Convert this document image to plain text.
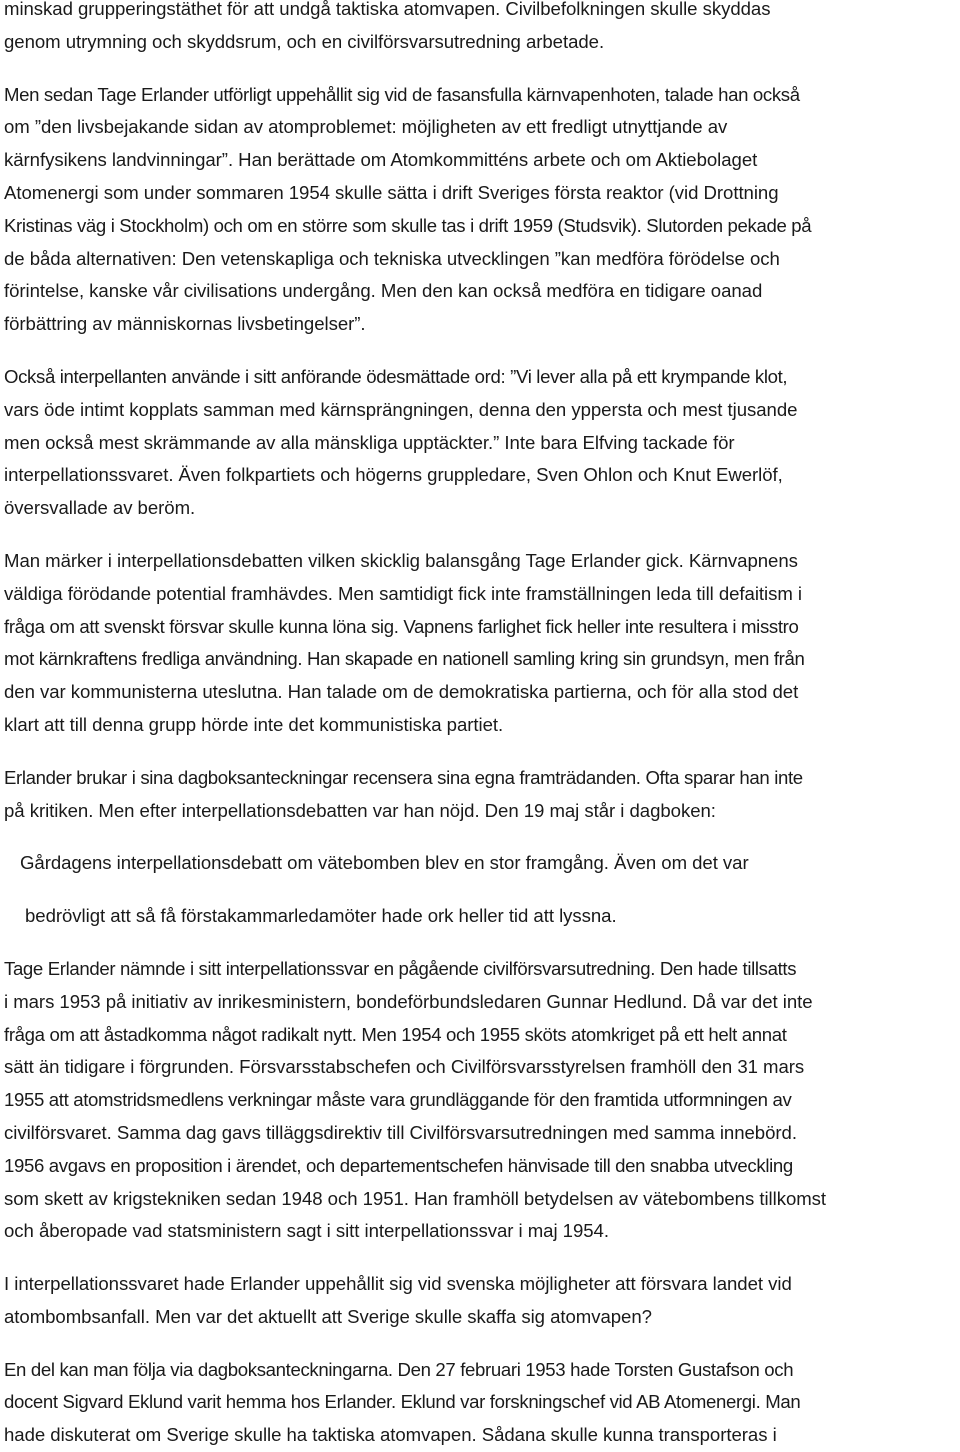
minskad grupperingstäthet för att undgå taktiska atomvapen. Civilbefolkningen skulle skyddas
genom utrymning och skyddsrum, och en civilförsvarsutredning arbetade.
Men sedan Tage Erlander utförligt uppehållit sig vid de fasansfulla kärnvapenhoten, talade han också
om ”den livsbejakande sidan av atomproblemet: möjligheten av ett fredligt utnyttjande av
kärnfysikens landvinningar”. Han berättade om Atomkommitténs arbete och om Aktiebolaget
Atomenergi som under sommaren 1954 skulle sätta i drift Sveriges första reaktor (vid Drottning
Kristinas väg i Stockholm) och om en större som skulle tas i drift 1959 (Studsvik). Slutorden pekade på
de båda alternativen: Den vetenskapliga och tekniska utvecklingen ”kan medföra förödelse och
förintelse, kanske vår civilisations undergång. Men den kan också medföra en tidigare oanad
förbättring av människornas livsbetingelser”.
Också interpellanten använde i sitt anförande ödesmättade ord: ”Vi lever alla på ett krympande klot,
vars öde intimt kopplats samman med kärnsprängningen, denna den yppersta och mest tjusande
men också mest skrämmande av alla mänskliga upptäckter.” Inte bara Elfving tackade för
interpellationssvaret. Även folkpartiets och högerns gruppledare, Sven Ohlon och Knut Ewerlöf,
översvallade av beröm.
Man märker i interpellationsdebatten vilken skicklig balansgång Tage Erlander gick. Kärnvapnens
väldiga förödande potential framhävdes. Men samtidigt fick inte framställningen leda till defaitism i
fråga om att svenskt försvar skulle kunna löna sig. Vapnens farlighet fick heller inte resultera i misstro
mot kärnkraftens fredliga användning. Han skapade en nationell samling kring sin grundsyn, men från
den var kommunisterna uteslutna. Han talade om de demokratiska partierna, och för alla stod det
klart att till denna grupp hörde inte det kommunistiska partiet.
Erlander brukar i sina dagboksanteckningar recensera sina egna framträdanden. Ofta sparar han inte
på kritiken. Men efter interpellationsdebatten var han nöjd. Den 19 maj står i dagboken:
Gårdagens interpellationsdebatt om vätebomben blev en stor framgång. Även om det var
bedrövligt att så få förstakammarledamöter hade ork heller tid att lyssna.
Tage Erlander nämnde i sitt interpellationssvar en pågående civilförsvarsutredning. Den hade tillsatts
i mars 1953 på initiativ av inrikesministern, bondeförbundsledaren Gunnar Hedlund. Då var det inte
fråga om att åstadkomma något radikalt nytt. Men 1954 och 1955 sköts atomkriget på ett helt annat
sätt än tidigare i förgrunden. Försvarsstabschefen och Civilförsvarsstyrelsen framhöll den 31 mars
1955 att atomstridsmedlens verkningar måste vara grundläggande för den framtida utformningen av
civilförsvaret. Samma dag gavs tilläggsdirektiv till Civilförsvarsutredningen med samma innebörd.
1956 avgavs en proposition i ärendet, och departementschefen hänvisade till den snabba utveckling
som skett av krigstekniken sedan 1948 och 1951. Han framhöll betydelsen av vätebombens tillkomst
och åberopade vad statsministern sagt i sitt interpellationssvar i maj 1954.
I interpellationssvaret hade Erlander uppehållit sig vid svenska möjligheter att försvara landet vid
atombombsanfall. Men var det aktuellt att Sverige skulle skaffa sig atomvapen?
En del kan man följa via dagboksanteckningarna. Den 27 februari 1953 hade Torsten Gustafson och
docent Sigvard Eklund varit hemma hos Erlander. Eklund var forskningschef vid AB Atomenergi. Man
hade diskuterat om Sverige skulle ha taktiska atomvapen. Sådana skulle kunna transporteras i
